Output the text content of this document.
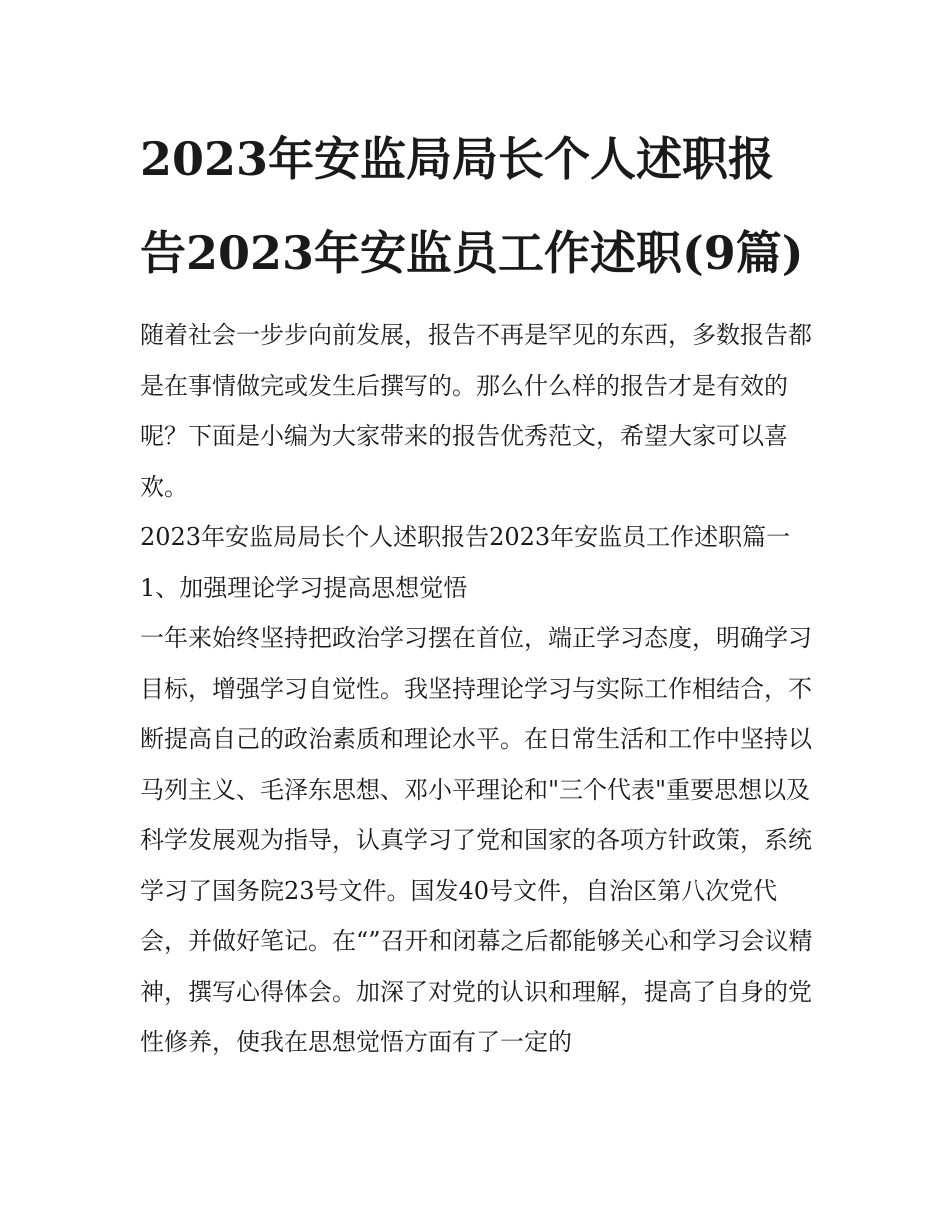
2023年安监局局长个人述职报告2023年安监员工作述职(9篇)

随着社会一步步向前发展，报告不再是罕见的东西，多数报告都是在事情做完或发生后撰写的。那么什么样的报告才是有效的呢？下面是小编为大家带来的报告优秀范文，希望大家可以喜欢。

2023年安监局局长个人述职报告2023年安监员工作述职篇一

1、加强理论学习提高思想觉悟

一年来始终坚持把政治学习摆在首位，端正学习态度，明确学习目标，增强学习自觉性。我坚持理论学习与实际工作相结合，不断提高自己的政治素质和理论水平。在日常生活和工作中坚持以马列主义、毛泽东思想、邓小平理论和"三个代表"重要思想以及科学发展观为指导，认真学习了党和国家的各项方针政策，系统学习了国务院23号文件。国发40号文件，自治区第八次党代会，并做好笔记。在“”召开和闭幕之后都能够关心和学习会议精神，撰写心得体会。加深了对党的认识和理解，提高了自身的党性修养，使我在思想觉悟方面有了一定的
